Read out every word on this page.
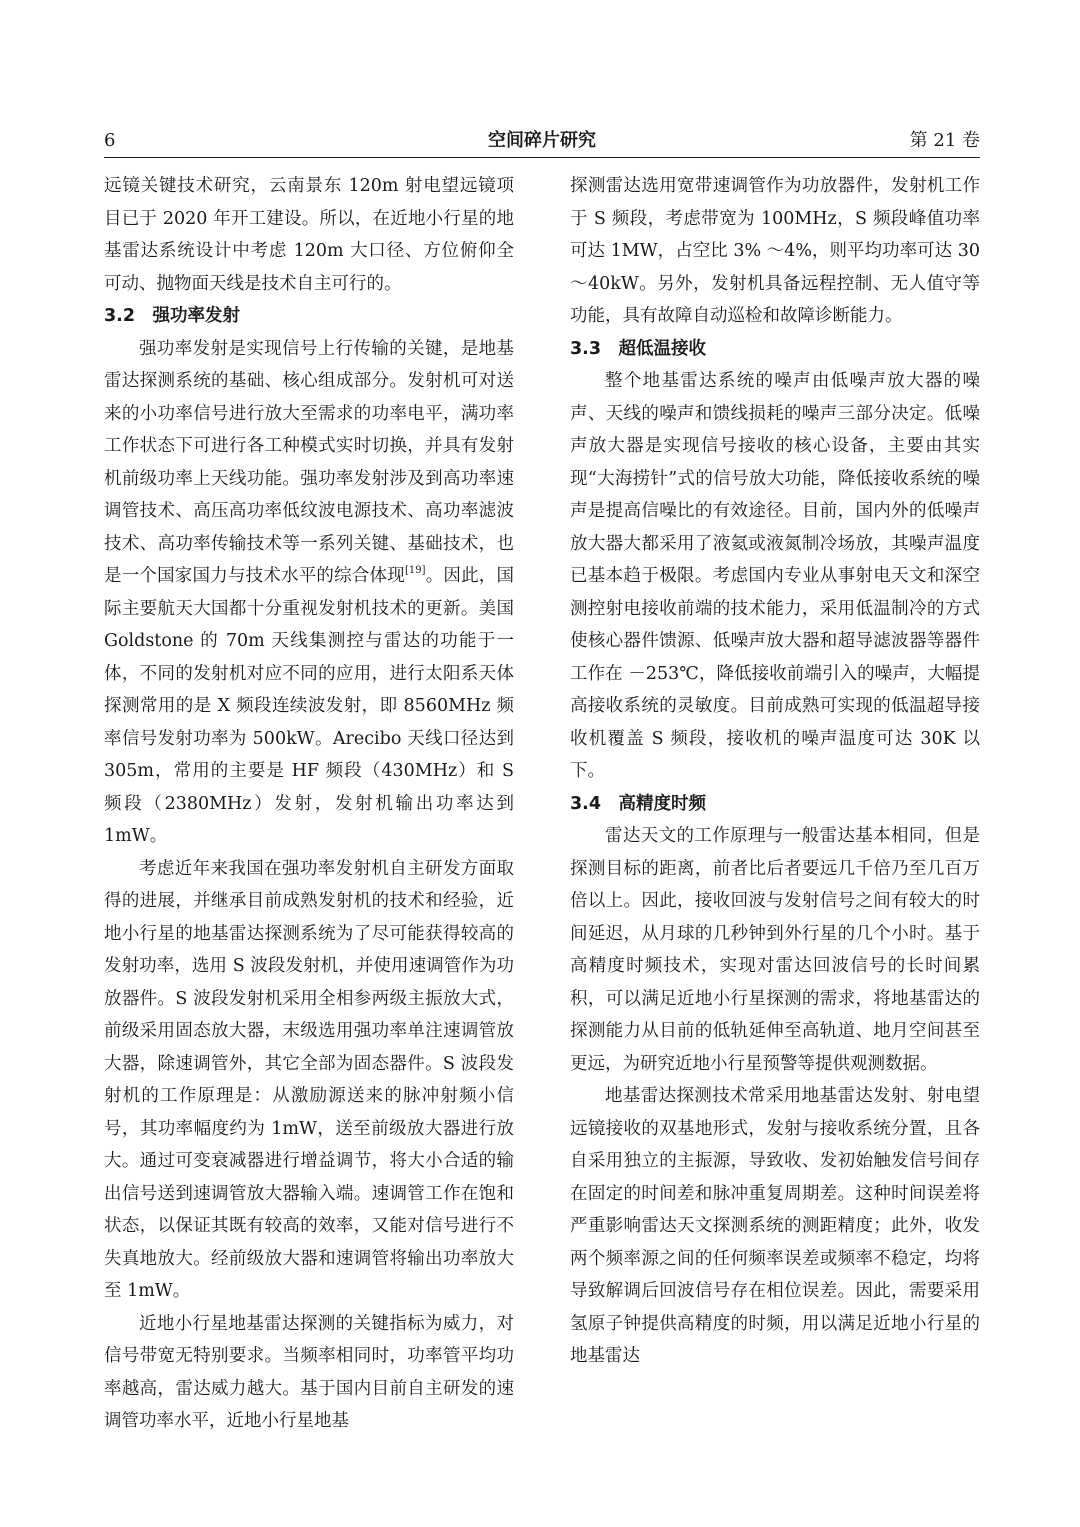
6	空间碎片研究	第 21 卷

远镜关键技术研究，云南景东 120m 射电望远镜项目已于 2020 年开工建设。所以，在近地小行星的地基雷达系统设计中考虑 120m 大口径、方位俯仰全可动、抛物面天线是技术自主可行的。

3.2 强功率发射

强功率发射是实现信号上行传输的关键，是地基雷达探测系统的基础、核心组成部分。发射机可对送来的小功率信号进行放大至需求的功率电平，满功率工作状态下可进行各工种模式实时切换，并具有发射机前级功率上天线功能。强功率发射涉及到高功率速调管技术、高压高功率低纹波电源技术、高功率滤波技术、高功率传输技术等一系列关键、基础技术，也是一个国家国力与技术水平的综合体现[19]。因此，国际主要航天大国都十分重视发射机技术的更新。美国 Goldstone 的 70m 天线集测控与雷达的功能于一体，不同的发射机对应不同的应用，进行太阳系天体探测常用的是 X 频段连续波发射，即 8560MHz 频率信号发射功率为 500kW。Arecibo 天线口径达到 305m，常用的主要是 HF 频段（430MHz）和 S 频段（2380MHz）发射，发射机输出功率达到 1mW。

考虑近年来我国在强功率发射机自主研发方面取得的进展，并继承目前成熟发射机的技术和经验，近地小行星的地基雷达探测系统为了尽可能获得较高的发射功率，选用 S 波段发射机，并使用速调管作为功放器件。S 波段发射机采用全相参两级主振放大式，前级采用固态放大器，末级选用强功率单注速调管放大器，除速调管外，其它全部为固态器件。S 波段发射机的工作原理是：从激励源送来的脉冲射频小信号，其功率幅度约为 1mW，送至前级放大器进行放大。通过可变衰减器进行增益调节，将大小合适的输出信号送到速调管放大器输入端。速调管工作在饱和状态，以保证其既有较高的效率，又能对信号进行不失真地放大。经前级放大器和速调管将输出功率放大至 1mW。

近地小行星地基雷达探测的关键指标为威力，对信号带宽无特别要求。当频率相同时，功率管平均功率越高，雷达威力越大。基于国内目前自主研发的速调管功率水平，近地小行星地基

探测雷达选用宽带速调管作为功放器件，发射机工作于 S 频段，考虑带宽为 100MHz，S 频段峰值功率可达 1MW，占空比 3% ～4%，则平均功率可达 30 ～40kW。另外，发射机具备远程控制、无人值守等功能，具有故障自动巡检和故障诊断能力。

3.3 超低温接收

整个地基雷达系统的噪声由低噪声放大器的噪声、天线的噪声和馈线损耗的噪声三部分决定。低噪声放大器是实现信号接收的核心设备，主要由其实现“大海捞针”式的信号放大功能，降低接收系统的噪声是提高信噪比的有效途径。目前，国内外的低噪声放大器大都采用了液氦或液氮制冷场放，其噪声温度已基本趋于极限。考虑国内专业从事射电天文和深空测控射电接收前端的技术能力，采用低温制冷的方式使核心器件馈源、低噪声放大器和超导滤波器等器件工作在 －253℃，降低接收前端引入的噪声，大幅提高接收系统的灵敏度。目前成熟可实现的低温超导接收机覆盖 S 频段，接收机的噪声温度可达 30K 以下。

3.4 高精度时频

雷达天文的工作原理与一般雷达基本相同，但是探测目标的距离，前者比后者要远几千倍乃至几百万倍以上。因此，接收回波与发射信号之间有较大的时间延迟，从月球的几秒钟到外行星的几个小时。基于高精度时频技术，实现对雷达回波信号的长时间累积，可以满足近地小行星探测的需求，将地基雷达的探测能力从目前的低轨延伸至高轨道、地月空间甚至更远，为研究近地小行星预警等提供观测数据。

地基雷达探测技术常采用地基雷达发射、射电望远镜接收的双基地形式，发射与接收系统分置，且各自采用独立的主振源，导致收、发初始触发信号间存在固定的时间差和脉冲重复周期差。这种时间误差将严重影响雷达天文探测系统的测距精度；此外，收发两个频率源之间的任何频率误差或频率不稳定，均将导致解调后回波信号存在相位误差。因此，需要采用氢原子钟提供高精度的时频，用以满足近地小行星的地基雷达
